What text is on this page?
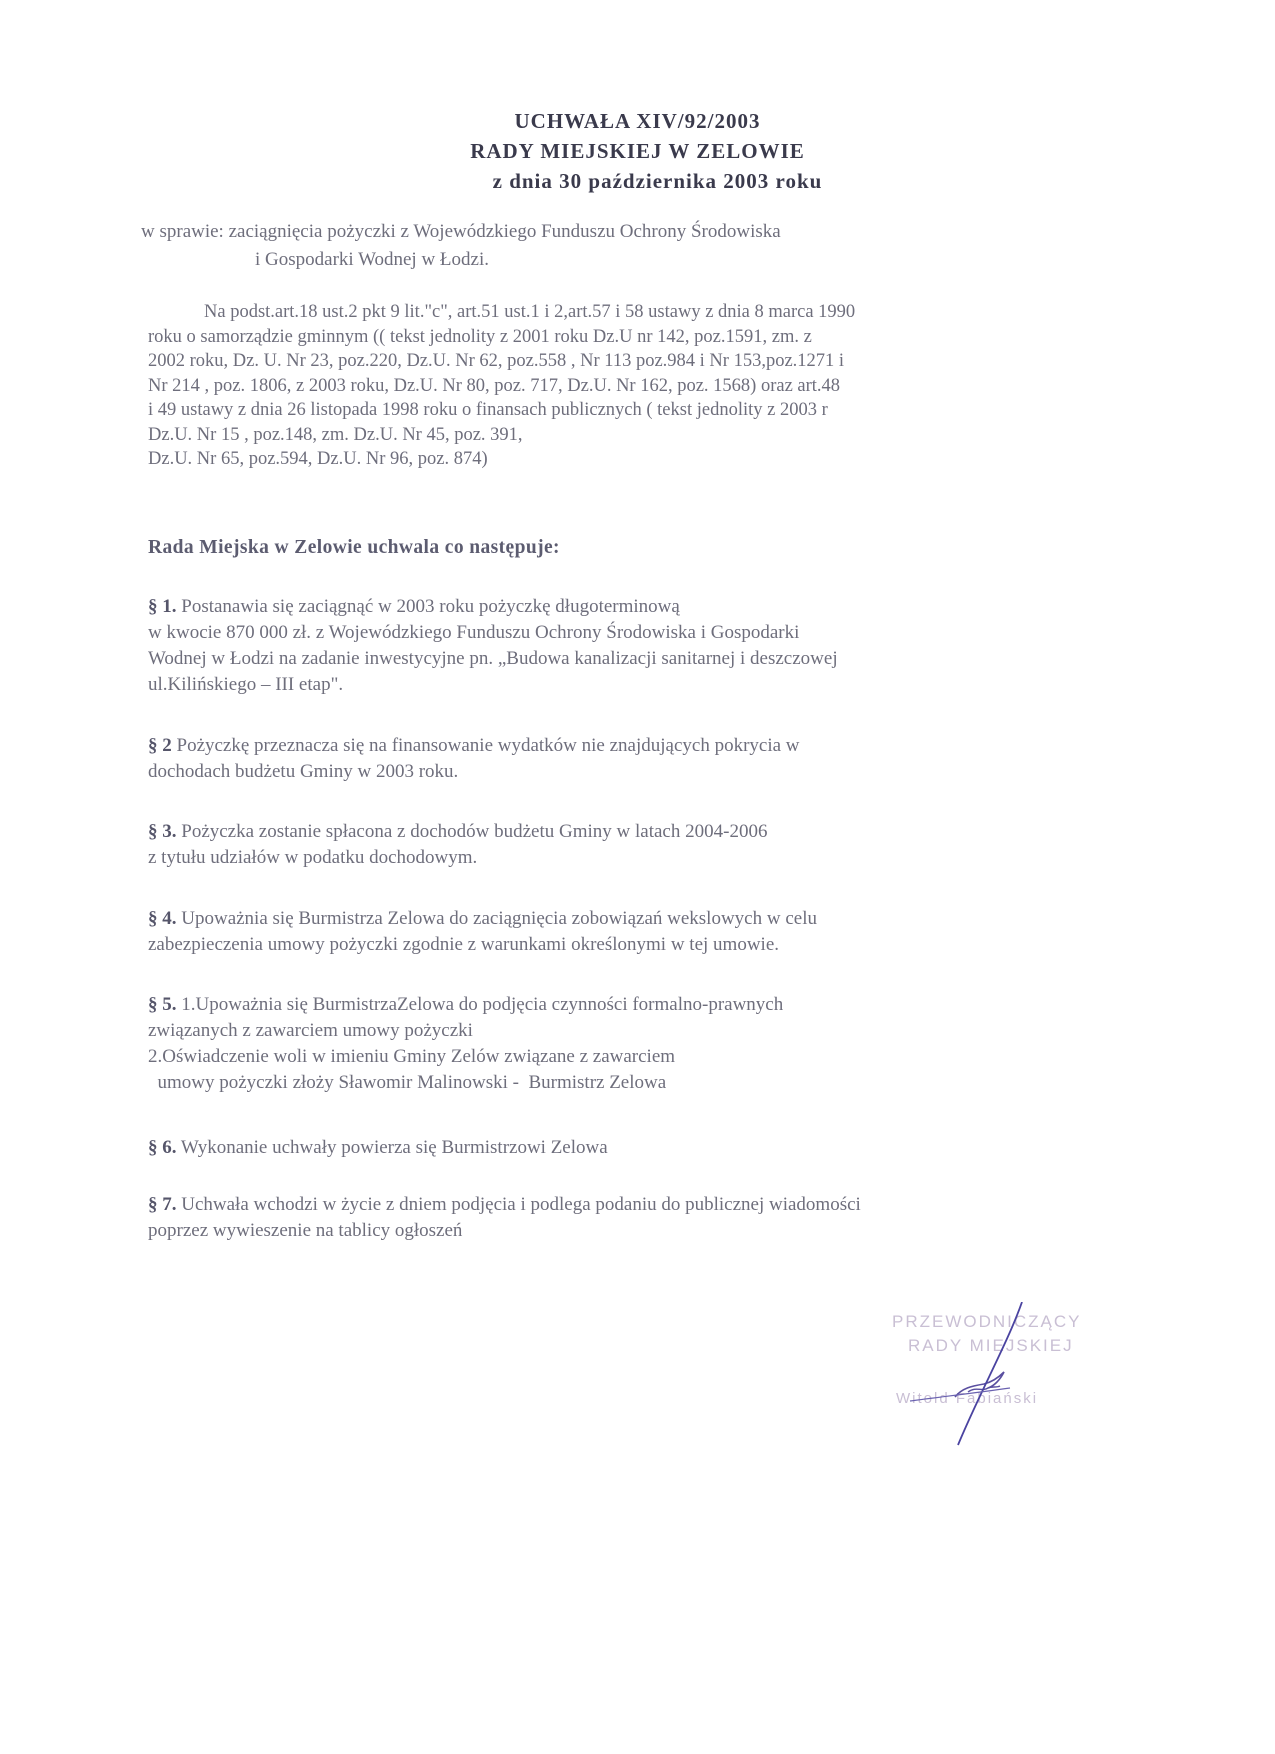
UCHWAŁA XIV/92/2003
RADY MIEJSKIEJ W ZELOWIE
z dnia 30 października 2003 roku
w sprawie: zaciągnięcia pożyczki z Wojewódzkiego Funduszu Ochrony Środowiska
i Gospodarki Wodnej w Łodzi.
Na podst.art.18 ust.2 pkt 9 lit."c", art.51 ust.1 i 2,art.57 i 58 ustawy z dnia 8 marca 1990
roku o samorządzie gminnym (( tekst jednolity z 2001 roku Dz.U nr 142, poz.1591, zm. z
2002 roku, Dz. U. Nr 23, poz.220, Dz.U. Nr 62, poz.558 , Nr 113 poz.984 i Nr 153,poz.1271 i
Nr 214 , poz. 1806, z 2003 roku, Dz.U. Nr 80, poz. 717, Dz.U. Nr 162, poz. 1568) oraz art.48
i 49 ustawy z dnia 26 listopada 1998 roku o finansach publicznych ( tekst jednolity z 2003 r
Dz.U. Nr 15 , poz.148, zm. Dz.U. Nr 45, poz. 391,
Dz.U. Nr 65, poz.594, Dz.U. Nr 96, poz. 874)
Rada Miejska w Zelowie uchwala co następuje:
§ 1. Postanawia się zaciągnąć w 2003 roku pożyczkę długoterminową
w kwocie 870 000 zł. z Wojewódzkiego Funduszu Ochrony Środowiska i Gospodarki
Wodnej w Łodzi na zadanie inwestycyjne pn. „Budowa kanalizacji sanitarnej i deszczowej
ul.Kilińskiego – III etap".
§ 2 Pożyczkę przeznacza się na finansowanie wydatków nie znajdujących pokrycia w
dochodach budżetu Gminy w 2003 roku.
§ 3. Pożyczka zostanie spłacona z dochodów budżetu Gminy w latach 2004-2006
z tytułu udziałów w podatku dochodowym.
§ 4. Upoważnia się Burmistrza Zelowa do zaciągnięcia zobowiązań wekslowych w celu
zabezpieczenia umowy pożyczki zgodnie z warunkami określonymi w tej umowie.
§ 5. 1.Upoważnia się BurmistrzaZelowa do podjęcia czynności formalno-prawnych
związanych z zawarciem umowy pożyczki
2.Oświadczenie woli w imieniu Gminy Zelów związane z zawarciem
umowy pożyczki złoży Sławomir Malinowski -  Burmistrz Zelowa
§ 6. Wykonanie uchwały powierza się Burmistrzowi Zelowa
§ 7. Uchwała wchodzi w życie z dniem podjęcia i podlega podaniu do publicznej wiadomości
poprzez wywieszenie na tablicy ogłoszeń
PRZEWODNICZĄCY
RADY MIEJSKIEJ
Witold Fabiański
